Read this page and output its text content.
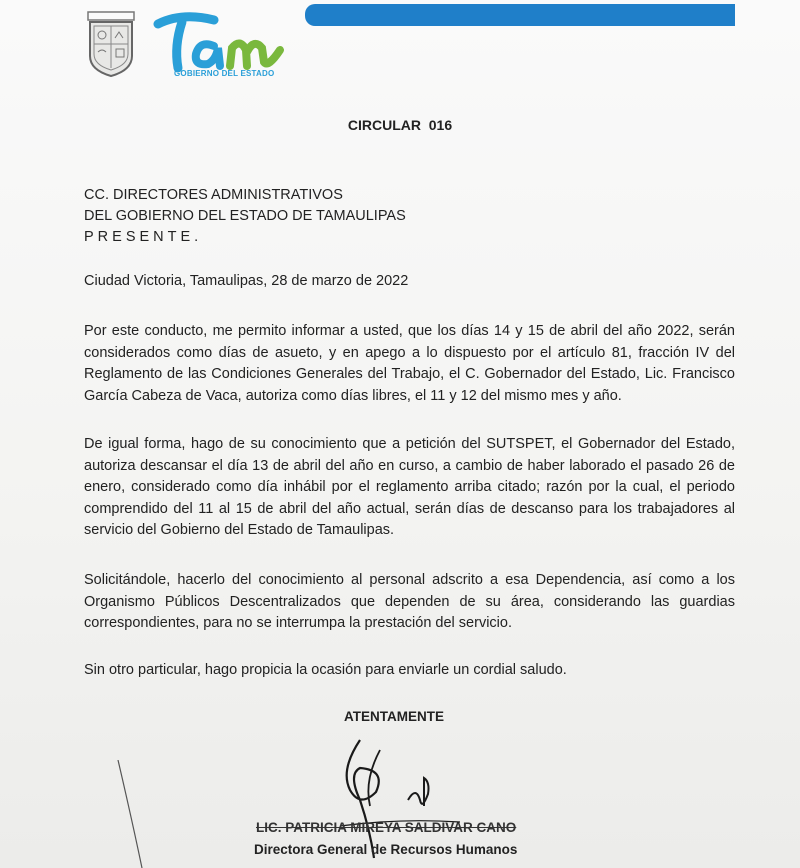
GOBIERNO DEL ESTADO
CIRCULAR  016
CC. DIRECTORES ADMINISTRATIVOS
DEL GOBIERNO DEL ESTADO DE TAMAULIPAS
PRESENTE.
Ciudad Victoria, Tamaulipas, 28 de marzo de 2022
Por este conducto, me permito informar a usted, que los días 14 y 15 de abril del año 2022, serán considerados como días de asueto, y en apego a lo dispuesto por el artículo 81, fracción IV del Reglamento de las Condiciones Generales del Trabajo, el C. Gobernador del Estado, Lic. Francisco García Cabeza de Vaca, autoriza como días libres, el 11 y 12 del mismo mes y año.
De igual forma, hago de su conocimiento que a petición del SUTSPET, el Gobernador del Estado, autoriza descansar el día 13 de abril del año en curso, a cambio de haber laborado el pasado 26 de enero, considerado como día inhábil por el reglamento arriba citado; razón por la cual, el periodo comprendido del 11 al 15 de abril del año actual, serán días de descanso para los trabajadores al servicio del Gobierno del Estado de Tamaulipas.
Solicitándole, hacerlo del conocimiento al personal adscrito a esa Dependencia, así como a los Organismo Públicos Descentralizados que dependen de su área, considerando las guardias correspondientes, para no se interrumpa la prestación del servicio.
Sin otro particular, hago propicia la ocasión para enviarle un cordial saludo.
ATENTAMENTE
LIC. PATRICIA MIREYA SALDIVAR CANO
Directora General de Recursos Humanos
